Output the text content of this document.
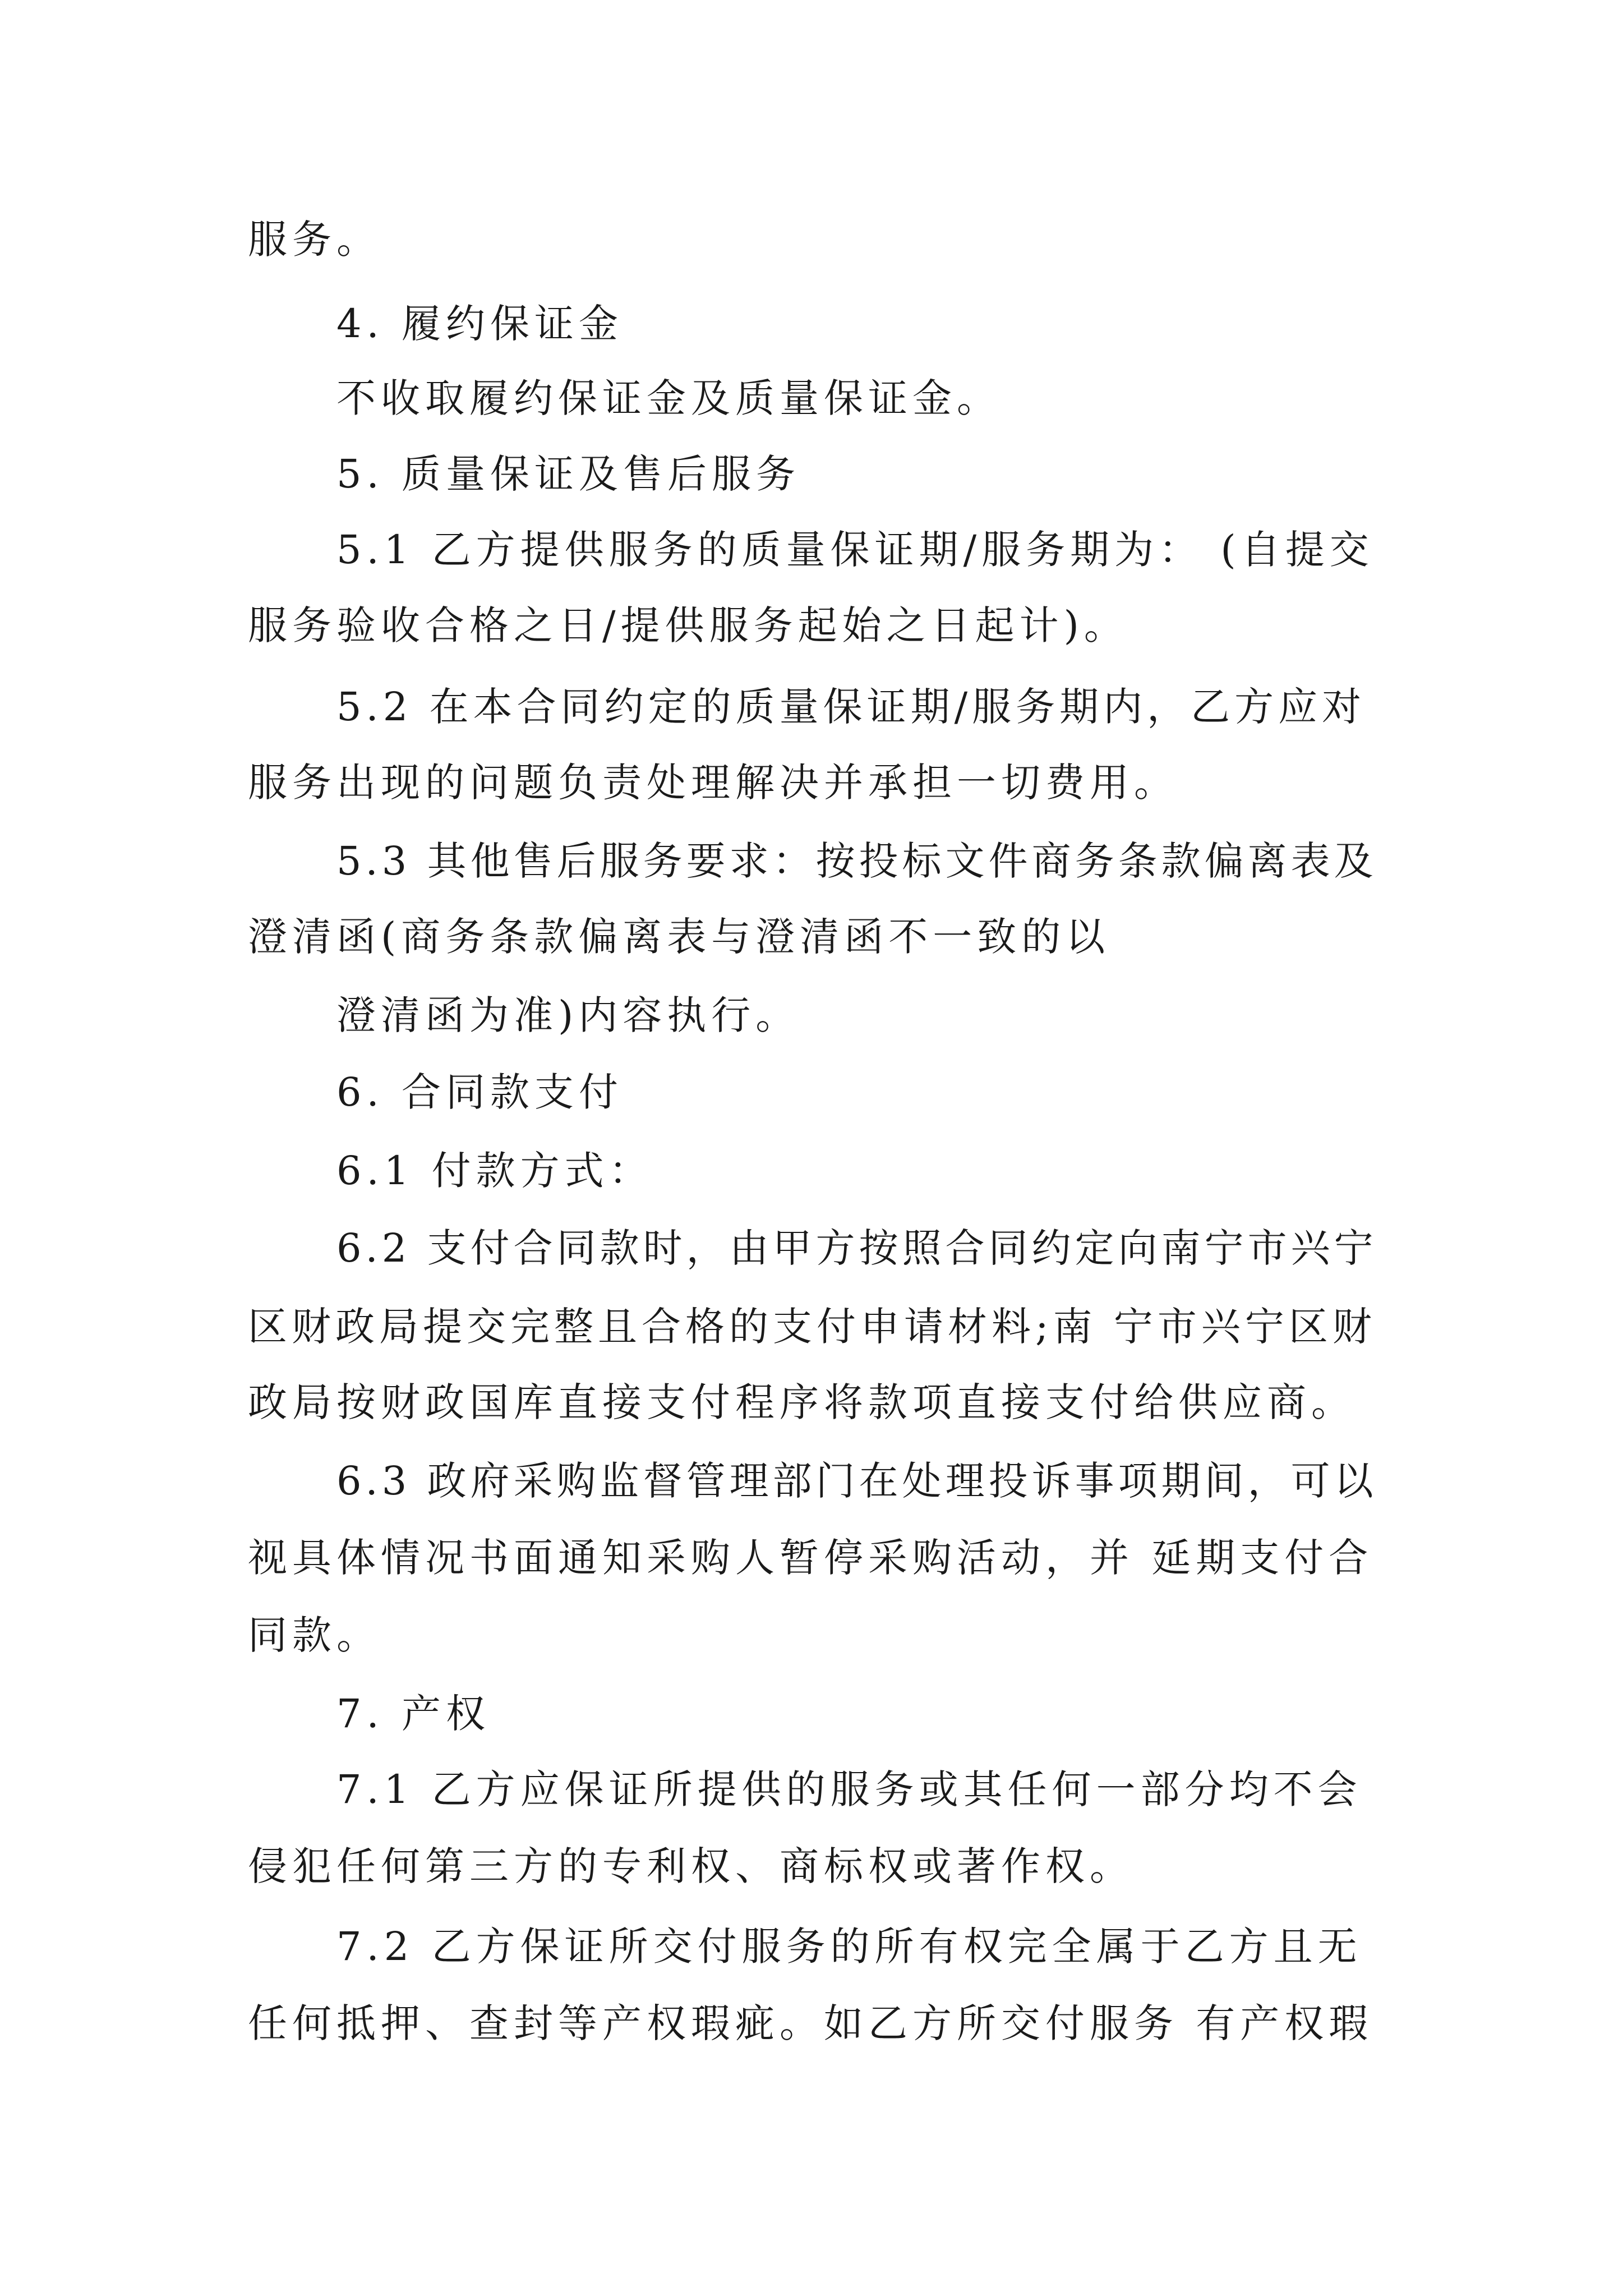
服务。

4. 履约保证金

不收取履约保证金及质量保证金。

5. 质量保证及售后服务

5.1 乙方提供服务的质量保证期/服务期为： (自提交

服务验收合格之日/提供服务起始之日起计)。

5.2 在本合同约定的质量保证期/服务期内，乙方应对

服务出现的问题负责处理解决并承担一切费用。

5.3 其他售后服务要求：按投标文件商务条款偏离表及

澄清函(商务条款偏离表与澄清函不一致的以

澄清函为准)内容执行。

6. 合同款支付

6.1 付款方式：

6.2 支付合同款时，由甲方按照合同约定向南宁市兴宁

区财政局提交完整且合格的支付申请材料;南 宁市兴宁区财

政局按财政国库直接支付程序将款项直接支付给供应商。

6.3 政府采购监督管理部门在处理投诉事项期间，可以

视具体情况书面通知采购人暂停采购活动，并 延期支付合

同款。

7. 产权

7.1 乙方应保证所提供的服务或其任何一部分均不会

侵犯任何第三方的专利权、商标权或著作权。

7.2 乙方保证所交付服务的所有权完全属于乙方且无

任何抵押、查封等产权瑕疵。如乙方所交付服务 有产权瑕
